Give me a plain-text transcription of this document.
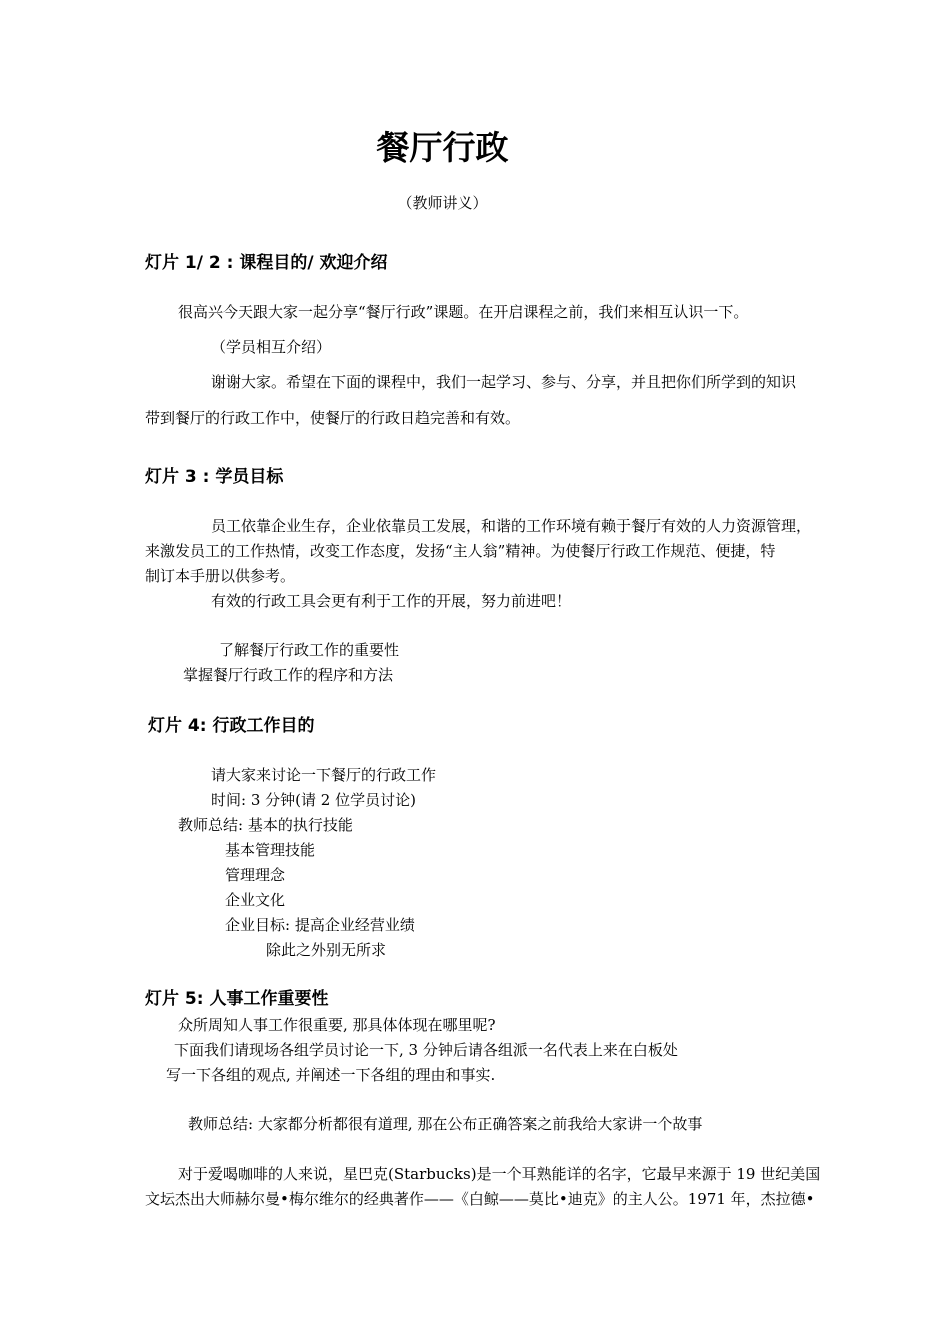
餐厅行政
（教师讲义）
灯片 1/ 2 : 课程目的/ 欢迎介绍
很高兴今天跟大家一起分享“餐厅行政”课题。在开启课程之前，我们来相互认识一下。
（学员相互介绍）
谢谢大家。希望在下面的课程中，我们一起学习、参与、分享，并且把你们所学到的知识
带到餐厅的行政工作中，使餐厅的行政日趋完善和有效。
灯片 3 : 学员目标
员工依靠企业生存，企业依靠员工发展，和谐的工作环境有赖于餐厅有效的人力资源管理，
来激发员工的工作热情，改变工作态度，发扬“主人翁”精神。为使餐厅行政工作规范、便捷，特
制订本手册以供参考。
有效的行政工具会更有利于工作的开展，努力前进吧！
了解餐厅行政工作的重要性
掌握餐厅行政工作的程序和方法
灯片 4: 行政工作目的
请大家来讨论一下餐厅的行政工作
时间: 3 分钟(请 2 位学员讨论)
教师总结: 基本的执行技能
基本管理技能
管理理念
企业文化
企业目标: 提高企业经营业绩
除此之外别无所求
灯片 5: 人事工作重要性
众所周知人事工作很重要, 那具体体现在哪里呢?
下面我们请现场各组学员讨论一下, 3 分钟后请各组派一名代表上来在白板处
写一下各组的观点, 并阐述一下各组的理由和事实.
教师总结: 大家都分析都很有道理, 那在公布正确答案之前我给大家讲一个故事
对于爱喝咖啡的人来说，星巴克(Starbucks)是一个耳熟能详的名字，它最早来源于 19 世纪美国
文坛杰出大师赫尔曼•梅尔维尔的经典著作——《白鲸——莫比•迪克》的主人公。1971 年，杰拉德•
